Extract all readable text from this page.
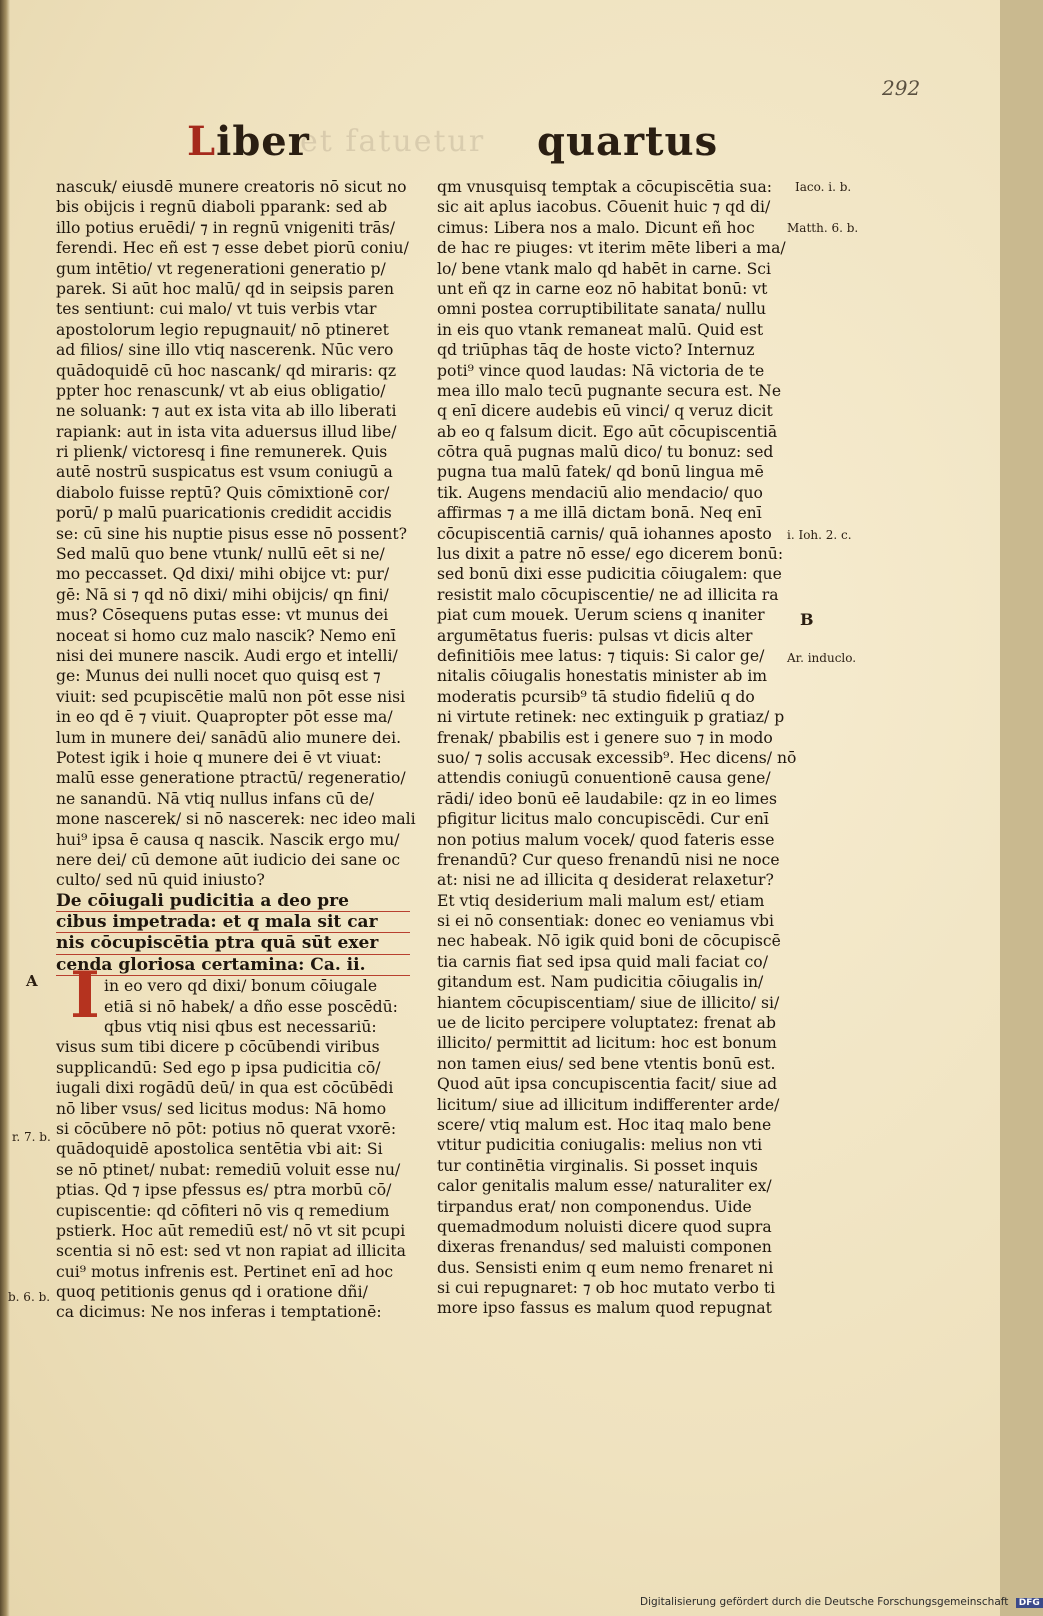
292
Liber
et fatuetur quartus
nascuk/ eiusdē munere creatoris nō sicut no
bis obijcis i regnū diaboli pparank: sed ab
illo potius eruēdi/ ⁊ in regnū vnigeniti trās/
ferendi. Hec eñ est ⁊ esse debet piorū coniu/
gum intētio/ vt regenerationi generatio p/
parek. Si aūt hoc malū/ qd in seipsis paren
tes sentiunt: cui malo/ vt tuis verbis vtar
apostolorum legio repugnauit/ nō ptineret
ad filios/ sine illo vtiq nascerenk. Nūc vero
quādoquidē cū hoc nascank/ qd miraris: qz
ppter hoc renascunk/ vt ab eius obligatio/
ne soluank: ⁊ aut ex ista vita ab illo liberati
rapiank: aut in ista vita aduersus illud libe/
ri plienk/ victoresq i fine remunerek. Quis
autē nostrū suspicatus est vsum coniugū a
diabolo fuisse reptū? Quis cōmixtionē cor/
porū/ p malū puaricationis credidit accidis
se: cū sine his nuptie pisus esse nō possent?
Sed malū quo bene vtunk/ nullū eēt si ne/
mo peccasset. Qd dixi/ mihi obijce vt: pur/
gē: Nā si ⁊ qd nō dixi/ mihi obijcis/ qn fini/
mus? Cōsequens putas esse: vt munus dei
noceat si homo cuz malo nascik? Nemo enī
nisi dei munere nascik. Audi ergo et intelli/
ge: Munus dei nulli nocet quo quisq est ⁊
viuit: sed pcupiscētie malū non pōt esse nisi
in eo qd ē ⁊ viuit. Quapropter pōt esse ma/
lum in munere dei/ sanādū alio munere dei.
Potest igik i hoie q munere dei ē vt viuat:
malū esse generatione ptractū/ regeneratio/
ne sanandū. Nā vtiq nullus infans cū de/
mone nascerek/ si nō nascerek: nec ideo mali
hui⁹ ipsa ē causa q nascik. Nascik ergo mu/
nere dei/ cū demone aūt iudicio dei sane oc
culto/ sed nū quid iniusto?
De cōiugali pudicitia a deo pre
cibus impetrada: et q mala sit car
nis cōcupiscētia ptra quā sūt exer
cenda gloriosa certamina: Ca. ii.
in eo vero qd dixi/ bonum cōiugale
etiā si nō habek/ a dño esse poscēdū:
qbus vtiq nisi qbus est necessariū:
visus sum tibi dicere p cōcūbendi viribus
supplicandū: Sed ego p ipsa pudicitia cō/
iugali dixi rogādū deū/ in qua est cōcūbēdi
nō liber vsus/ sed licitus modus: Nā homo
si cōcūbere nō pōt: potius nō querat vxorē:
quādoquidē apostolica sentētia vbi ait: Si
se nō ptinet/ nubat: remediū voluit esse nu/
ptias. Qd ⁊ ipse pfessus es/ ptra morbū cō/
cupiscentie: qd cōfiteri nō vis q remedium
pstierk. Hoc aūt remediū est/ nō vt sit pcupi
scentia si nō est: sed vt non rapiat ad illicita
cui⁹ motus infrenis est. Pertinet enī ad hoc
quoq petitionis genus qd i oratione dñi/
ca dicimus: Ne nos inferas i temptationē:
I
qm vnusquisq temptak a cōcupiscētia sua:
sic ait aplus iacobus. Cōuenit huic ⁊ qd di/
cimus: Libera nos a malo. Dicunt eñ hoc
de hac re piuges: vt iterim mēte liberi a ma/
lo/ bene vtank malo qd habēt in carne. Sci
unt eñ qz in carne eoz nō habitat bonū: vt
omni postea corruptibilitate sanata/ nullu
in eis quo vtank remaneat malū. Quid est
qd triūphas tāq de hoste victo? Internuz
poti⁹ vince quod laudas: Nā victoria de te
mea illo malo tecū pugnante secura est. Ne
q enī dicere audebis eū vinci/ q veruz dicit
ab eo q falsum dicit. Ego aūt cōcupiscentiā
cōtra quā pugnas malū dico/ tu bonuz: sed
pugna tua malū fatek/ qd bonū lingua mē
tik. Augens mendaciū alio mendacio/ quo
affirmas ⁊ a me illā dictam bonā. Neq enī
cōcupiscentiā carnis/ quā iohannes aposto
lus dixit a patre nō esse/ ego dicerem bonū:
sed bonū dixi esse pudicitia cōiugalem: que
resistit malo cōcupiscentie/ ne ad illicita ra
piat cum mouek. Uerum sciens q inaniter
argumētatus fueris: pulsas vt dicis alter
definitiōis mee latus: ⁊ tiquis: Si calor ge/
nitalis cōiugalis honestatis minister ab im
moderatis pcursib⁹ tā studio fideliū q do
ni virtute retinek: nec extinguik p gratiaz/ p
frenak/ pbabilis est i genere suo ⁊ in modo
suo/ ⁊ solis accusak excessib⁹. Hec dicens/ nō
attendis coniugū conuentionē causa gene/
rādi/ ideo bonū eē laudabile: qz in eo limes
pfigitur licitus malo concupiscēdi. Cur enī
non potius malum vocek/ quod fateris esse
frenandū? Cur queso frenandū nisi ne noce
at: nisi ne ad illicita q desiderat relaxetur?
Et vtiq desiderium mali malum est/ etiam
si ei nō consentiak: donec eo veniamus vbi
nec habeak. Nō igik quid boni de cōcupiscē
tia carnis fiat sed ipsa quid mali faciat co/
gitandum est. Nam pudicitia cōiugalis in/
hiantem cōcupiscentiam/ siue de illicito/ si/
ue de licito percipere voluptatez: frenat ab
illicito/ permittit ad licitum: hoc est bonum
non tamen eius/ sed bene vtentis bonū est.
Quod aūt ipsa concupiscentia facit/ siue ad
licitum/ siue ad illicitum indifferenter arde/
scere/ vtiq malum est. Hoc itaq malo bene
vtitur pudicitia coniugalis: melius non vti
tur continētia virginalis. Si posset inquis
calor genitalis malum esse/ naturaliter ex/
tirpandus erat/ non componendus. Uide
quemadmodum noluisti dicere quod supra
dixeras frenandus/ sed maluisti componen
dus. Sensisti enim q eum nemo frenaret ni
si cui repugnaret: ⁊ ob hoc mutato verbo ti
more ipso fassus es malum quod repugnat
Iaco. i. b.
Matth. 6. b.
i. Ioh. 2. c.
B
Ar. induclo.
r. 7. b.
A
b. 6. b.
Digitalisierung gefördert durch die Deutsche Forschungsgemeinschaft DFG
